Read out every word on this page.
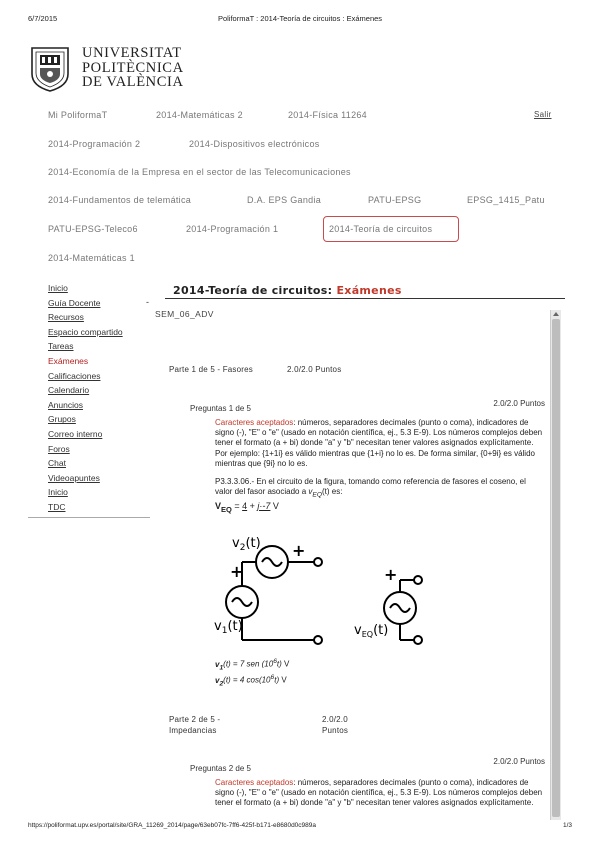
6/7/2015	PoliformaT : 2014-Teoría de circuitos : Exámenes
UNIVERSITAT
POLITÈCNICA
DE VALÈNCIA
Mi PoliformaT	2014-Matemáticas 2	2014-Física 11264	Salir
2014-Programación 2	2014-Dispositivos electrónicos
2014-Economía de la Empresa en el sector de las Telecomunicaciones
2014-Fundamentos de telemática	D.A. EPS Gandia	PATU-EPSG	EPSG_1415_Patu
PATU-EPSG-Teleco6	2014-Programación 1	2014-Teoría de circuitos
2014-Matemáticas 1
Inicio
Guía Docente
Recursos
Espacio compartido
Tareas
Exámenes
Calificaciones
Calendario
Anuncios
Grupos
Correo interno
Foros
Chat
Videoapuntes
Inicio
TDC
-
2014-Teoría de circuitos: Exámenes
SEM_06_ADV
Parte 1 de 5 - Fasores	2.0/2.0 Puntos
Preguntas 1 de 5
2.0/2.0 Puntos

Caracteres aceptados: números, separadores decimales (punto o coma), indicadores de signo (-), "E" o "e" (usado en notación científica, ej., 5.3 E-9). Los números complejos deben tener el formato (a + bi) donde "a" y "b" necesitan tener valores asignados explícitamente.

Por ejemplo: {1+1i} es válido mientras que {1+i} no lo es. De forma similar, {0+9i} es válido mientras que {9i} no lo es.

P3.3.3.06.- En el circuito de la figura, tomando como referencia de fasores el coseno, el valor del fasor asociado a $v_{EQ}(t)$ es:

$V_{EQ} = 4 + j\cdot-7$ V

$v_2(t)$ +
+
$v_1(t)$
+
$v_{EQ}(t)$
$v_1(t) = 7$ sen $(10^6t)$ V
$v_2(t) = 4$ $\cos(10^6t)$ V
Parte 2 de 5 -
Impedancias
2.0/2.0
Puntos
Preguntas 2 de 5
2.0/2.0 Puntos

Caracteres aceptados: números, separadores decimales (punto o coma), indicadores de signo (-), "E" o "e" (usado en notación científica, ej., 5.3 E-9). Los números complejos deben tener el formato (a + bi) donde "a" y "b" necesitan tener valores asignados explícitamente.

https://poliformat.upv.es/portal/site/GRA_11269_2014/page/63eb07fc-7ff6-425f-b171-e8680d0c989a	1/3
